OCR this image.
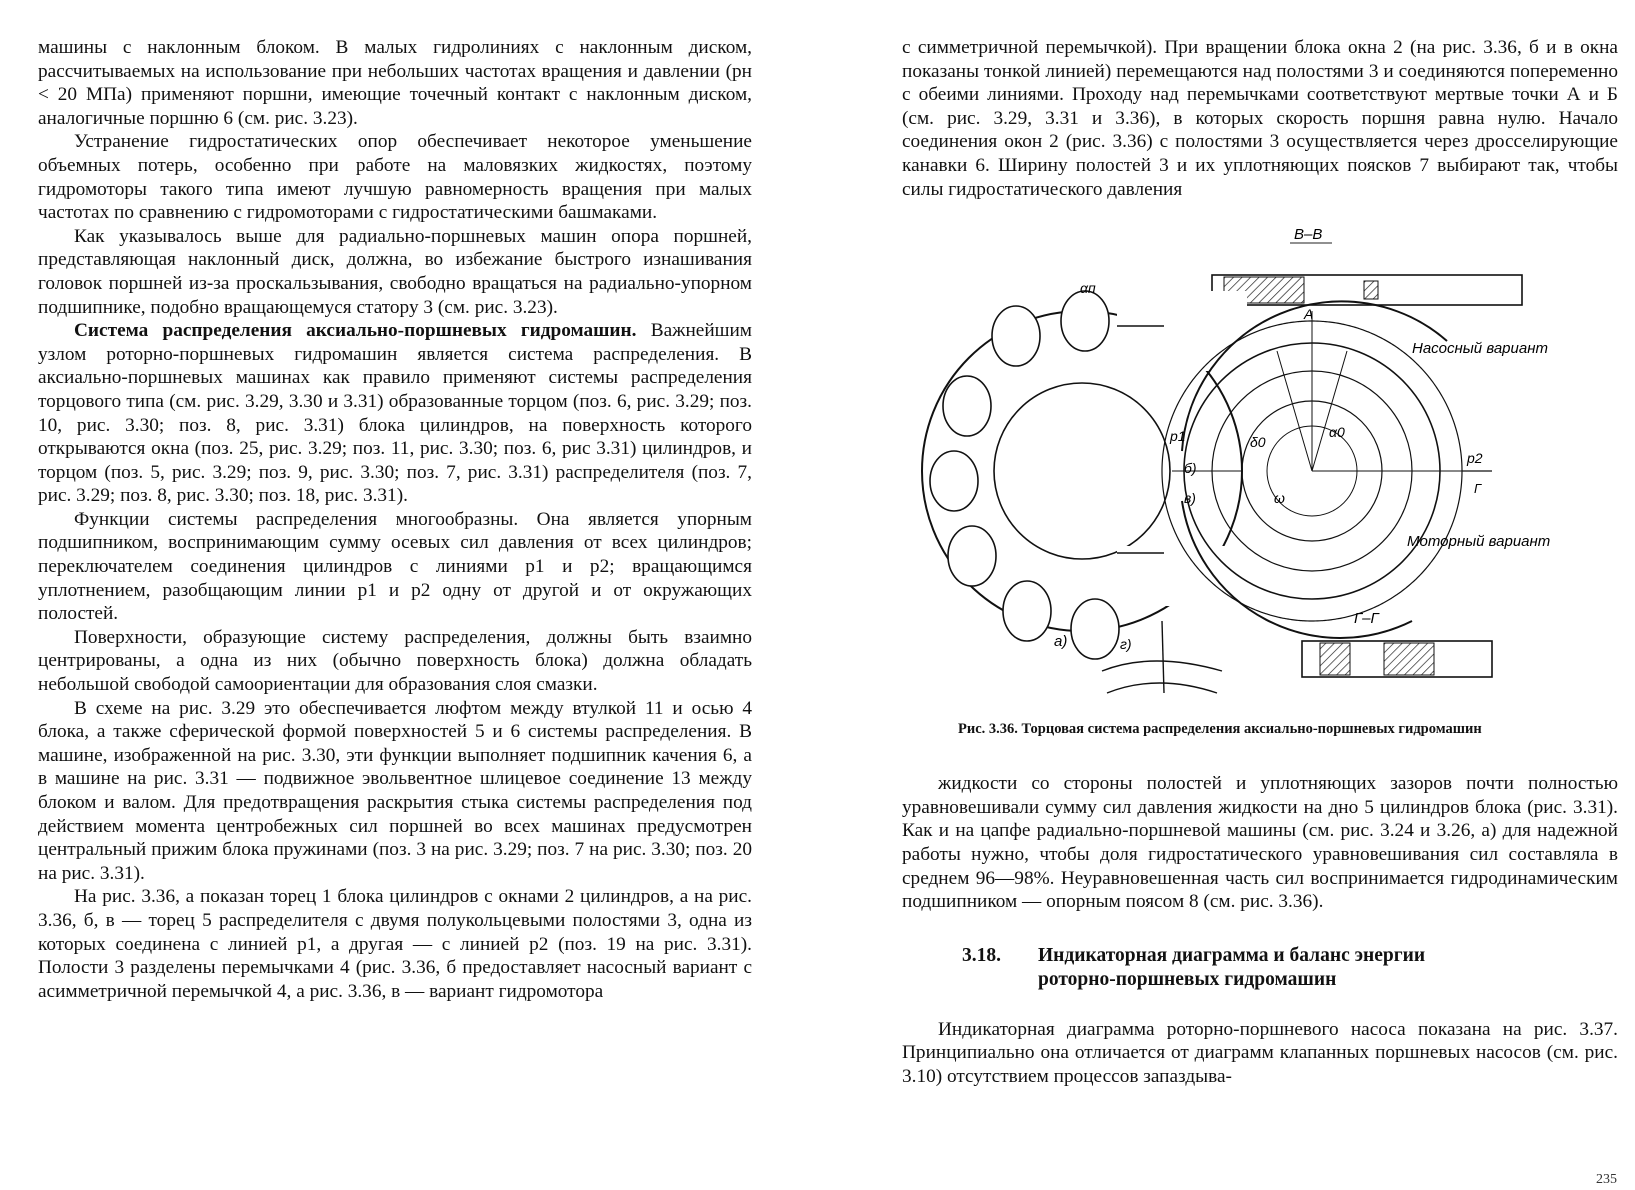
машины с наклонным блоком. В малых гидролиниях с наклонным диском, рассчитываемых на использование при небольших частотах вращения и давлении (pн < 20 МПа) применяют поршни, имеющие точечный контакт с наклонным диском, аналогичные поршню 6 (см. рис. 3.23).

Устранение гидростатических опор обеспечивает некоторое уменьшение объемных потерь, особенно при работе на маловязких жидкостях, поэтому гидромоторы такого типа имеют лучшую равномерность вращения при малых частотах по сравнению с гидромоторами с гидростатическими башмаками.

Как указывалось выше для радиально-поршневых машин опора поршней, представляющая наклонный диск, должна, во избежание быстрого изнашивания головок поршней из-за проскальзывания, свободно вращаться на радиально-упорном подшипнике, подобно вращающемуся статору 3 (см. рис. 3.23).

Система распределения аксиально-поршневых гидромашин. Важнейшим узлом роторно-поршневых гидромашин является система распределения. В аксиально-поршневых машинах как правило применяют системы распределения торцового типа (см. рис. 3.29, 3.30 и 3.31) образованные торцом (поз. 6, рис. 3.29; поз. 10, рис. 3.30; поз. 8, рис. 3.31) блока цилиндров, на поверхность которого открываются окна (поз. 25, рис. 3.29; поз. 11, рис. 3.30; поз. 6, рис 3.31) цилиндров, и торцом (поз. 5, рис. 3.29; поз. 9, рис. 3.30; поз. 7, рис. 3.31) распределителя (поз. 7, рис. 3.29; поз. 8, рис. 3.30; поз. 18, рис. 3.31).

Функции системы распределения многообразны. Она является упорным подшипником, воспринимающим сумму осевых сил давления от всех цилиндров; переключателем соединения цилиндров с линиями p1 и p2; вращающимся уплотнением, разобщающим линии p1 и p2 одну от другой и от окружающих полостей.

Поверхности, образующие систему распределения, должны быть взаимно центрированы, а одна из них (обычно поверхность блока) должна обладать небольшой свободой самоориентации для образования слоя смазки.

В схеме на рис. 3.29 это обеспечивается люфтом между втулкой 11 и осью 4 блока, а также сферической формой поверхностей 5 и 6 системы распределения. В машине, изображенной на рис. 3.30, эти функции выполняет подшипник качения 6, а в машине на рис. 3.31 — подвижное эвольвентное шлицевое соединение 13 между блоком и валом. Для предотвращения раскрытия стыка системы распределения под действием момента центробежных сил поршней во всех машинах предусмотрен центральный прижим блока пружинами (поз. 3 на рис. 3.29; поз. 7 на рис. 3.30; поз. 20 на рис. 3.31).

На рис. 3.36, а показан торец 1 блока цилиндров с окнами 2 цилиндров, а на рис. 3.36, б, в — торец 5 распределителя с двумя полукольцевыми полостями 3, одна из которых соединена с линией p1, а другая — с линией p2 (поз. 19 на рис. 3.31). Полости 3 разделены перемычками 4 (рис. 3.36, б предоставляет насосный вариант с асимметричной перемычкой 4, а рис. 3.36, в — вариант гидромотора

с симметричной перемычкой). При вращении блока окна 2 (на рис. 3.36, б и в окна показаны тонкой линией) перемещаются над полостями 3 и соединяются попеременно с обеими линиями. Проходу над перемычками соответствуют мертвые точки А и Б (см. рис. 3.29, 3.31 и 3.36), в которых скорость поршня равна нулю. Начало соединения окон 2 (рис. 3.36) с полостями 3 осуществляется через дросселирующие канавки 6. Ширину полостей 3 и их уплотняющих поясков 7 выбирают так, чтобы силы гидростатического давления

В–В
αп
а)
А
p1
p2
Г
α0
δ0
ω
б)
в)
Насосный вариант
Моторный вариант
Г–Г
г)

Рис. 3.36. Торцовая система распределения аксиально-поршневых гидромашин

жидкости со стороны полостей и уплотняющих зазоров почти полностью уравновешивали сумму сил давления жидкости на дно 5 цилиндров блока (рис. 3.31). Как и на цапфе радиально-поршневой машины (см. рис. 3.24 и 3.26, а) для надежной работы нужно, чтобы доля гидростатического уравновешивания сил составляла в среднем 96—98%. Неуравновешенная часть сил воспринимается гидродинамическим подшипником — опорным поясом 8 (см. рис. 3.36).

3.18.	Индикаторная диаграмма и баланс энергии
роторно-поршневых гидромашин

Индикаторная диаграмма роторно-поршневого насоса показана на рис. 3.37. Принципиально она отличается от диаграмм клапанных поршневых насосов (см. рис. 3.10) отсутствием процессов запаздыва-

235
